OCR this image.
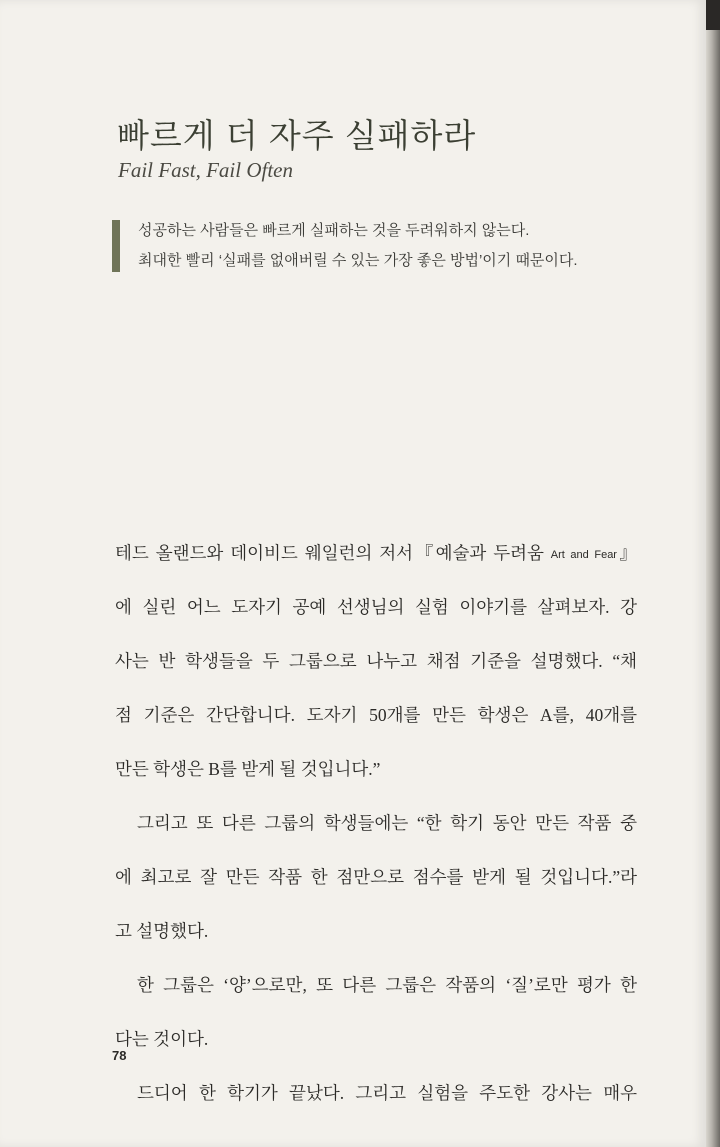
빠르게 더 자주 실패하라
Fail Fast, Fail Often
성공하는 사람들은 빠르게 실패하는 것을 두려워하지 않는다.
최대한 빨리 ‘실패를 없애버릴 수 있는 가장 좋은 방법’이기 때문이다.
테드 올랜드와 데이비드 웨일런의 저서『예술과 두려움 Art and Fear』
에 실린 어느 도자기 공예 선생님의 실험 이야기를 살펴보자. 강
사는 반 학생들을 두 그룹으로 나누고 채점 기준을 설명했다. “채
점 기준은 간단합니다. 도자기 50개를 만든 학생은 A를, 40개를
만든 학생은 B를 받게 될 것입니다.”
그리고 또 다른 그룹의 학생들에는 “한 학기 동안 만든 작품 중
에 최고로 잘 만든 작품 한 점만으로 점수를 받게 될 것입니다.”라
고 설명했다.
한 그룹은 ‘양’으로만, 또 다른 그룹은 작품의 ‘질’로만 평가 한
다는 것이다.
드디어 한 학기가 끝났다. 그리고 실험을 주도한 강사는 매우
78
